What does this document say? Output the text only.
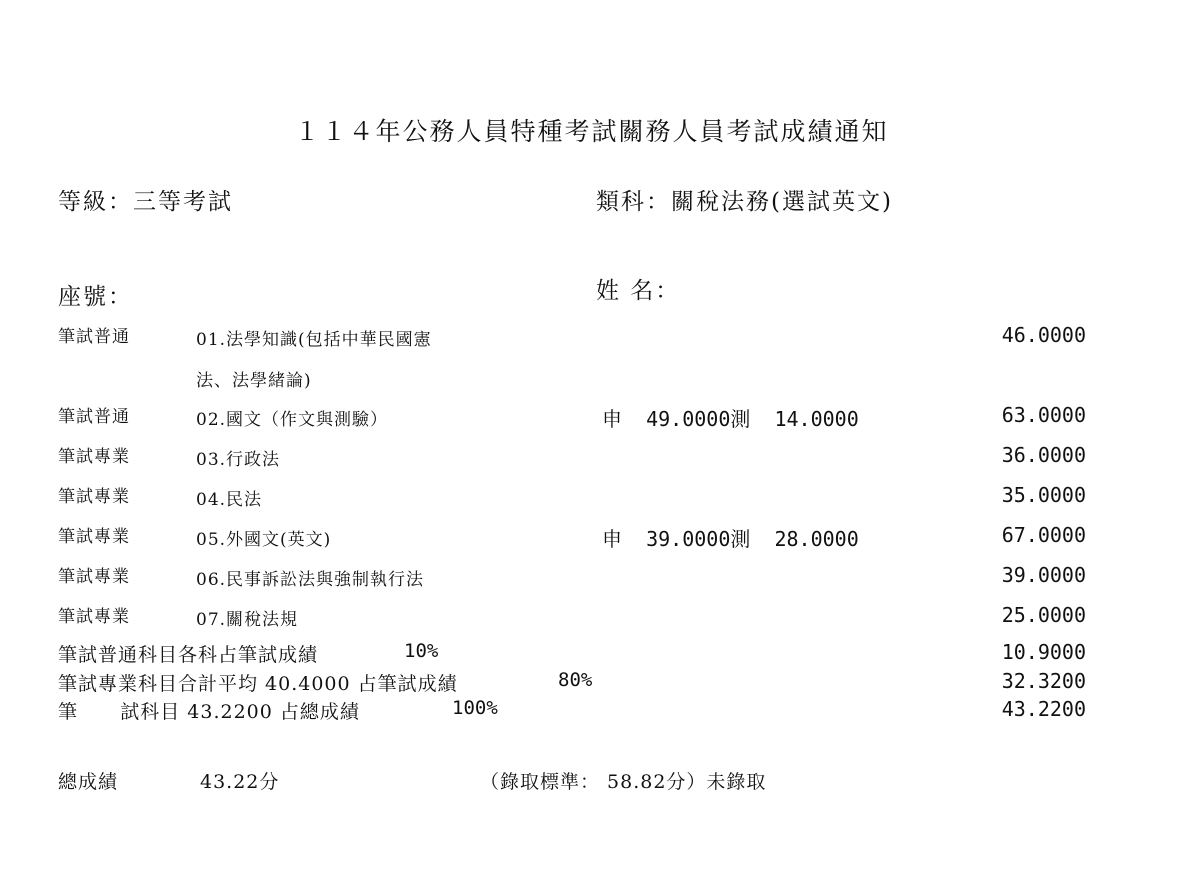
１１４年公務人員特種考試關務人員考試成績通知
等級：三等考試	類科：關稅法務(選試英文)
座號：	姓 名：
筆試普通	01.法學知識(包括中華民國憲
法、法學緒論)
46.0000
筆試普通	02.國文（作文與測驗）	申  49.0000測  14.0000	63.0000
筆試專業	03.行政法	36.0000
筆試專業	04.民法	35.0000
筆試專業	05.外國文(英文)	申  39.0000測  28.0000	67.0000
筆試專業	06.民事訴訟法與強制執行法	39.0000
筆試專業	07.關稅法規	25.0000
筆試普通科目各科占筆試成績	10%	10.9000
筆試專業科目合計平均 40.4000 占筆試成績	80%	32.3200
筆      試科目 43.2200 占總成績	100%	43.2200
總成績	43.22分	（錄取標準： 58.82分）未錄取
